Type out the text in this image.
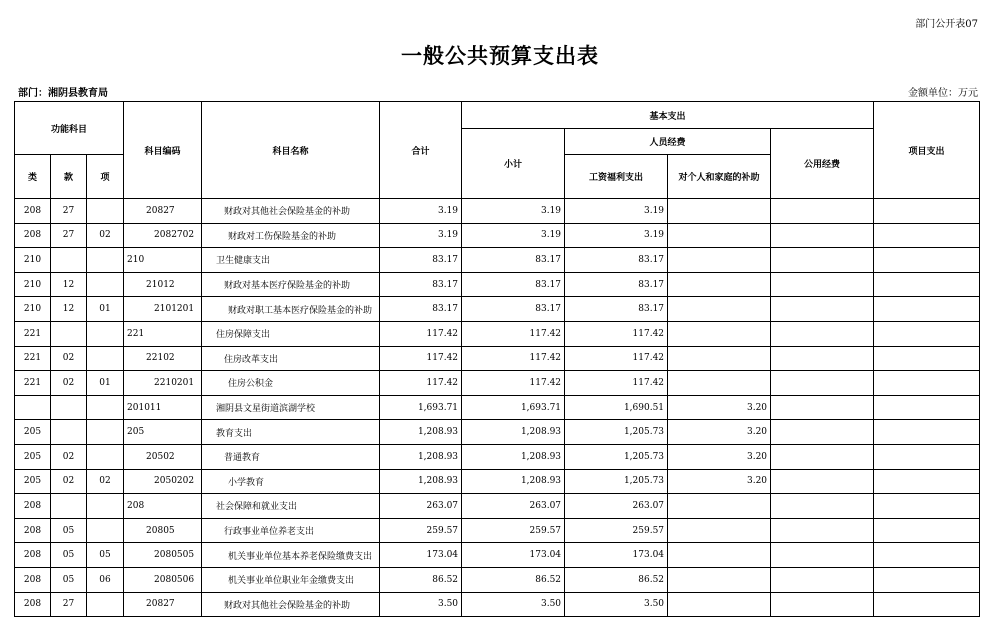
部门公开表07
一般公共预算支出表
部门：湘阴县教育局	金额单位：万元
功能科目			科目编码	科目名称	合计	基本支出				项目支出
						小计	人员经费		公用经费	
类	款	项					工资福利支出	对个人和家庭的补助		
208	27		20827	财政对其他社会保险基金的补助	3.19	3.19	3.19			
208	27	02	2082702	财政对工伤保险基金的补助	3.19	3.19	3.19			
210			210	卫生健康支出	83.17	83.17	83.17			
210	12		21012	财政对基本医疗保险基金的补助	83.17	83.17	83.17			
210	12	01	2101201	财政对职工基本医疗保险基金的补助	83.17	83.17	83.17			
221			221	住房保障支出	117.42	117.42	117.42			
221	02		22102	住房改革支出	117.42	117.42	117.42			
221	02	01	2210201	住房公积金	117.42	117.42	117.42			
			201011	湘阴县文星街道滨湖学校	1,693.71	1,693.71	1,690.51	3.20		
205			205	教育支出	1,208.93	1,208.93	1,205.73	3.20		
205	02		20502	普通教育	1,208.93	1,208.93	1,205.73	3.20		
205	02	02	2050202	小学教育	1,208.93	1,208.93	1,205.73	3.20		
208			208	社会保障和就业支出	263.07	263.07	263.07			
208	05		20805	行政事业单位养老支出	259.57	259.57	259.57			
208	05	05	2080505	机关事业单位基本养老保险缴费支出	173.04	173.04	173.04			
208	05	06	2080506	机关事业单位职业年金缴费支出	86.52	86.52	86.52			
208	27		20827	财政对其他社会保险基金的补助	3.50	3.50	3.50			
